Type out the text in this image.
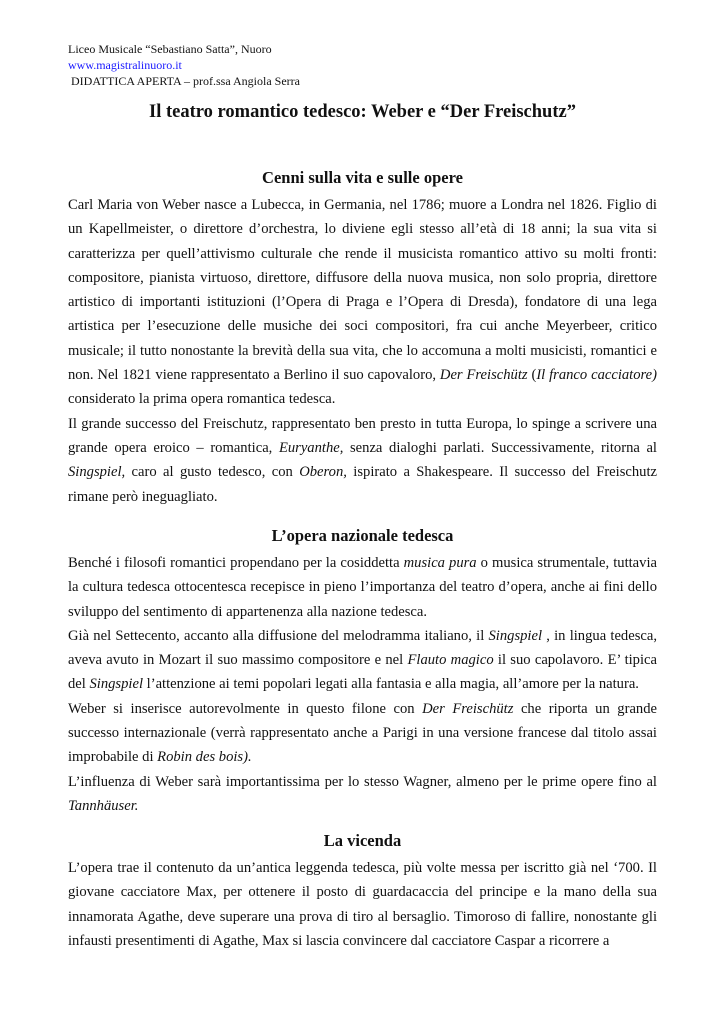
Liceo Musicale “Sebastiano Satta”, Nuoro
www.magistralinuoro.it
DIDATTICA APERTA – prof.ssa Angiola Serra
Il teatro romantico tedesco: Weber e “Der Freischutz”
Cenni sulla vita e sulle opere

Carl Maria von Weber nasce a Lubecca, in Germania, nel 1786; muore a Londra nel 1826. Figlio di un Kapellmeister, o direttore d’orchestra, lo diviene egli stesso all’età di 18 anni; la sua vita si caratterizza per quell’attivismo culturale che rende il musicista romantico attivo su molti fronti: compositore, pianista virtuoso, direttore, diffusore della nuova musica, non solo propria, direttore artistico di importanti istituzioni (l’Opera di Praga e l’Opera di Dresda), fondatore di una lega artistica per l’esecuzione delle musiche dei soci compositori, fra cui anche Meyerbeer, critico musicale; il tutto nonostante la brevità della sua vita, che lo accomuna a molti musicisti, romantici e non. Nel 1821 viene rappresentato a Berlino il suo capovaloro, Der Freischütz (Il franco cacciatore) considerato la prima opera romantica tedesca.

Il grande successo del Freischutz, rappresentato ben presto in tutta Europa, lo spinge a scrivere una grande opera eroico – romantica, Euryanthe, senza dialoghi parlati. Successivamente, ritorna al Singspiel, caro al gusto tedesco, con Oberon, ispirato a Shakespeare. Il successo del Freischutz rimane però ineguagliato.

L’opera nazionale tedesca

Benché i filosofi romantici propendano per la cosiddetta musica pura o musica strumentale, tuttavia la cultura tedesca ottocentesca recepisce in pieno l’importanza del teatro d’opera, anche ai fini dello sviluppo del sentimento di appartenenza alla nazione tedesca.

Già nel Settecento, accanto alla diffusione del melodramma italiano, il Singspiel , in lingua tedesca, aveva avuto in Mozart il suo massimo compositore e nel Flauto magico il suo capolavoro. E’ tipica del Singspiel l’attenzione ai temi popolari legati alla fantasia e alla magia, all’amore per la natura.

Weber si inserisce autorevolmente in questo filone con Der Freischütz che riporta un grande successo internazionale (verrà rappresentato anche a Parigi in una versione francese dal titolo assai improbabile di Robin des bois).

L’influenza di Weber sarà importantissima per lo stesso Wagner, almeno per le prime opere fino al Tannhäuser.

La vicenda

L’opera trae il contenuto da un’antica leggenda tedesca, più volte messa per iscritto già nel ‘700. Il giovane cacciatore Max, per ottenere il posto di guardacaccia del principe e la mano della sua innamorata Agathe, deve superare una prova di tiro al bersaglio. Timoroso di fallire, nonostante gli infausti presentimenti di Agathe, Max si lascia convincere dal cacciatore Caspar a ricorrere a
